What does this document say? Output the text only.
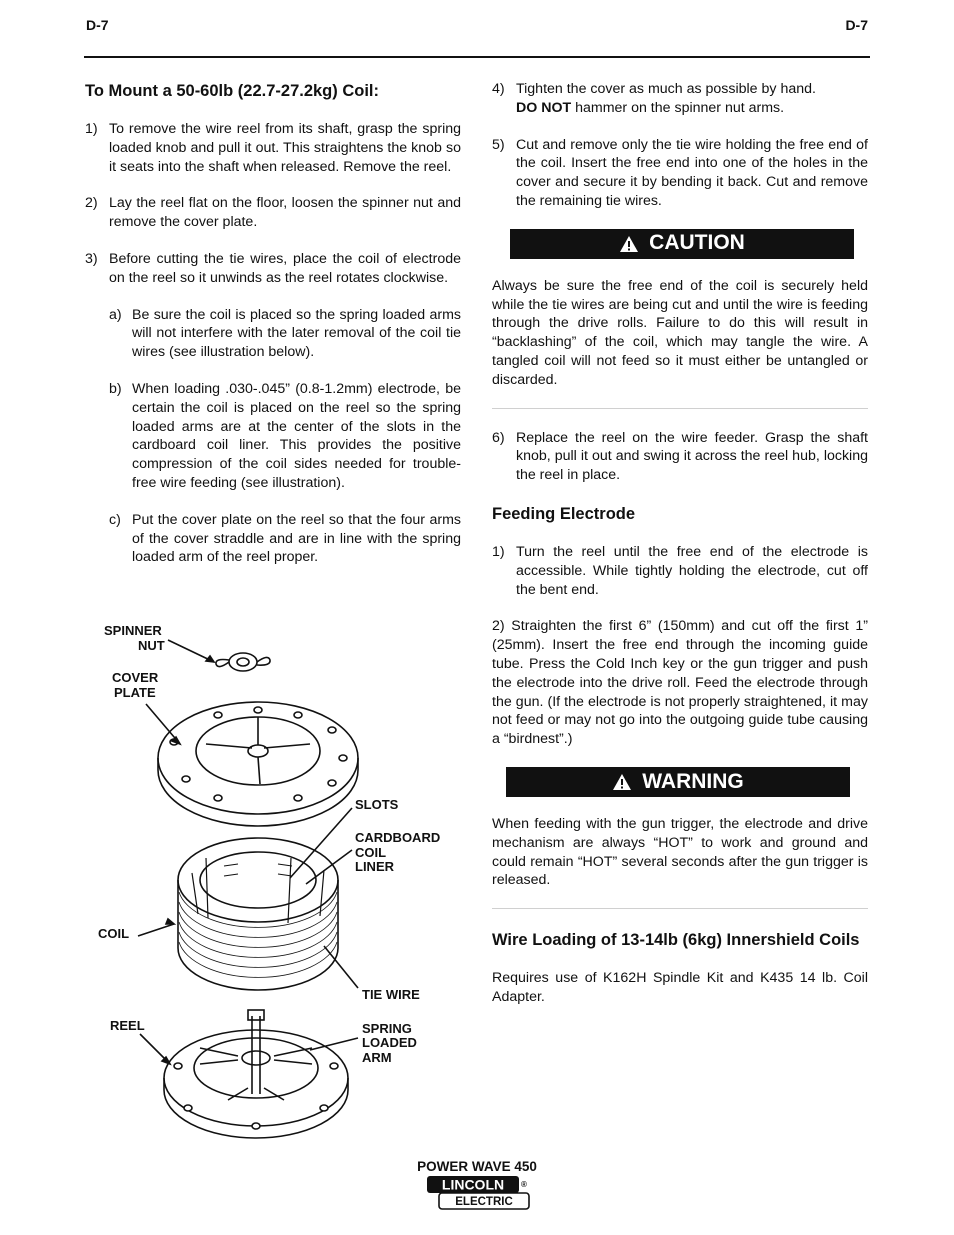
D-7	D-7
To Mount a 50-60lb (22.7-27.2kg) Coil:
1) To remove the wire reel from its shaft, grasp the spring loaded knob and pull it out. This straightens the knob so it seats into the shaft when released. Remove the reel.
2) Lay the reel flat on the floor, loosen the spinner nut and remove the cover plate.
3) Before cutting the tie wires, place the coil of electrode on the reel so it unwinds as the reel rotates clockwise.
a) Be sure the coil is placed so the spring loaded arms will not interfere with the later removal of the coil tie wires (see illustration below).
b) When loading .030-.045” (0.8-1.2mm) electrode, be certain the coil is placed on the reel so the spring loaded arms are at the center of the slots in the cardboard coil liner. This provides the positive compression of the coil sides needed for trouble-free wire feeding (see illustration).
c) Put the cover plate on the reel so that the four arms of the cover straddle and are in line with the spring loaded arm of the reel proper.
SPINNER
NUT
COVER
PLATE
SLOTS
CARDBOARD
COIL
LINER
COIL
TIE WIRE
REEL	SPRING
LOADED
ARM
4) Tighten the cover as much as possible by hand.
DO NOT hammer on the spinner nut arms.
5) Cut and remove only the tie wire holding the free end of the coil. Insert the free end into one of the holes in the cover and secure it by bending it back. Cut and remove the remaining tie wires.
CAUTION
Always be sure the free end of the coil is securely held while the tie wires are being cut and until the wire is feeding through the drive rolls. Failure to do this will result in “backlashing” of the coil, which may tangle the wire. A tangled coil will not feed so it must either be untangled or discarded.
6) Replace the reel on the wire feeder. Grasp the shaft knob, pull it out and swing it across the reel hub, locking the reel in place.
Feeding Electrode
1) Turn the reel until the free end of the electrode is accessible. While tightly holding the electrode, cut off the bent end.
2) Straighten the first 6” (150mm) and cut off the first 1” (25mm). Insert the free end through the incoming guide tube. Press the Cold Inch key or the gun trigger and push the electrode into the drive roll. Feed the electrode through the gun. (If the electrode is not properly straightened, it may not feed or may not go into the outgoing guide tube causing a “birdnest”.)
WARNING
When feeding with the gun trigger, the electrode and drive mechanism are always “HOT” to work and ground and could remain “HOT” several seconds after the gun trigger is released.
Wire Loading of 13-14lb (6kg) Innershield Coils
Requires use of K162H Spindle Kit and K435 14 lb. Coil Adapter.
POWER WAVE 450
LINCOLN ®
ELECTRIC
